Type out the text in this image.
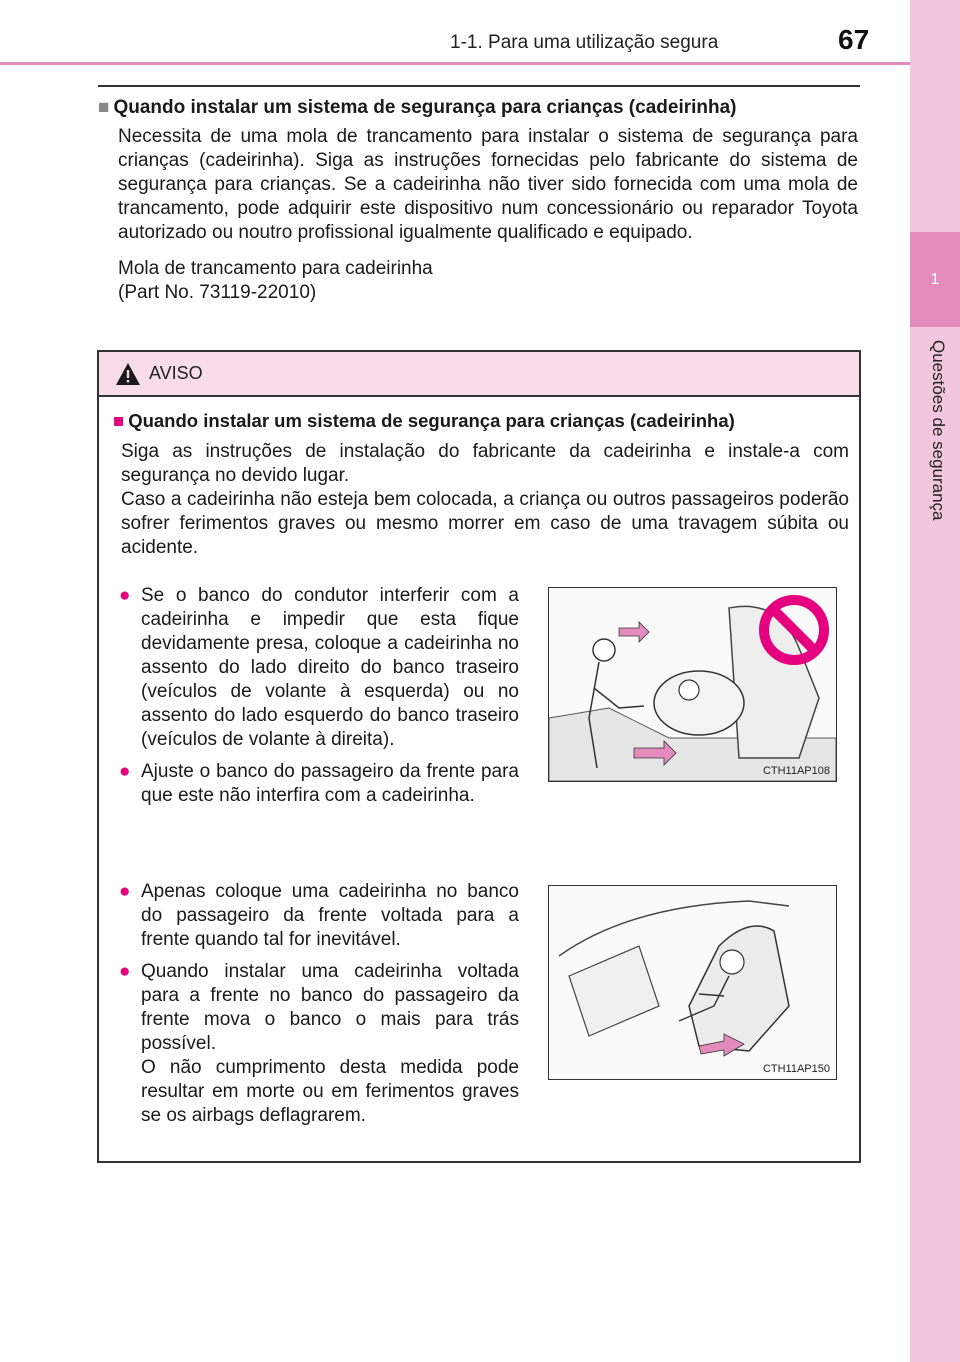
1-1. Para uma utilização segura	67
1
Questões de segurança
■ Quando instalar um sistema de segurança para crianças (cadeirinha)
Necessita de uma mola de trancamento para instalar o sistema de segurança para crianças (cadeirinha). Siga as instruções fornecidas pelo fabricante do sistema de segurança para crianças. Se a cadeirinha não tiver sido fornecida com uma mola de trancamento, pode adquirir este dispositivo num concessionário ou reparador Toyota autorizado ou noutro profissional igualmente qualificado e equipado.
Mola de trancamento para cadeirinha
(Part No. 73119-22010)
AVISO
■ Quando instalar um sistema de segurança para crianças (cadeirinha)
Siga as instruções de instalação do fabricante da cadeirinha e instale-a com segurança no devido lugar.
Caso a cadeirinha não esteja bem colocada, a criança ou outros passageiros poderão sofrer ferimentos graves ou mesmo morrer em caso de uma travagem súbita ou acidente.
● Se o banco do condutor interferir com a cadeirinha e impedir que esta fique devidamente presa, coloque a cadeirinha no assento do lado direito do banco traseiro (veículos de volante à esquerda) ou no assento do lado esquerdo do banco traseiro (veículos de volante à direita).
● Ajuste o banco do passageiro da frente para que este não interfira com a cadeirinha.
● Apenas coloque uma cadeirinha no banco do passageiro da frente voltada para a frente quando tal for inevitável.
● Quando instalar uma cadeirinha voltada para a frente no banco do passageiro da frente mova o banco o mais para trás possível.
O não cumprimento desta medida pode resultar em morte ou em ferimentos graves se os airbags deflagrarem.
CTH11AP108
CTH11AP150
